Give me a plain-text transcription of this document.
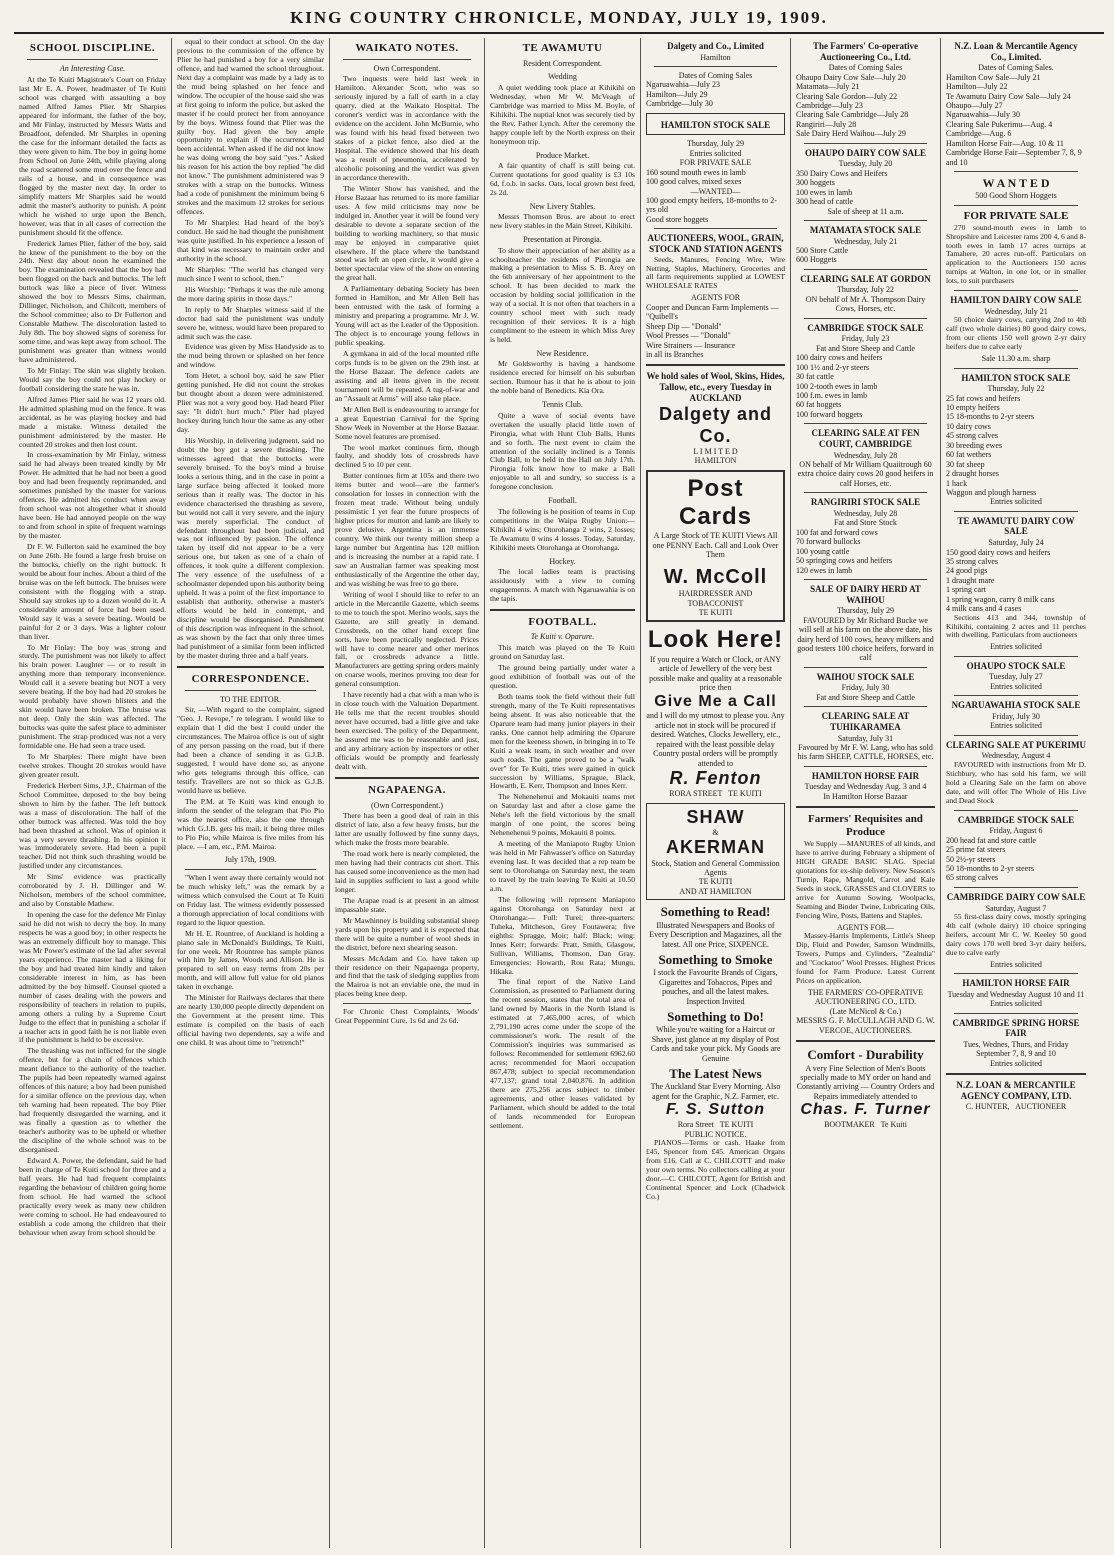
KING COUNTRY CHRONICLE, MONDAY, JULY 19, 1909.
SCHOOL DISCIPLINE.
An Interesting Case.

At the Te Kuiti Magistrate's Court on Friday last Mr E. A. Power, headmaster of Te Kuiti school was charged with assaulting a boy named Alfred James Plier. Mr Sharpies appeared for informant, the father of the boy, and Mr Finlay, instructed by Messrs Watts and Broadfoot, defended. Mr Sharples in opening the case for the informant detailed the facts as they were given to him. The boy in going home from School on June 24th, while playing along the road scattered some mud over the fence and rails of a house, and in consequence was flogged by the master next day. In order to simplify matters Mr Sharples said he would admit the master's authority to punish. A point which he wished to urge upon the Bench, however, was that in all cases of correction the punishment should fit the offence.

Frederick James Plier, father of the boy, said he knew of the punishment to the boy on the 24th. Next day about noon he examined the boy. The examination revealed that the boy had been flogged on the back and buttocks. The left buttock was like a piece of liver. Witness showed the boy to Messrs Sims, chairman, Dillinger, Nicholson, and Chilcott, members of the School committee; also to Dr Fullerton and Constable Mathew. The discoloration lasted to July 8th. The boy showed signs of soreness for some time, and was kept away from school. The punishment was greater than witness would have administered.

To Mr Finlay: The skin was slightly broken. Would say the boy could not play hockey or football considering the state he was in.

Alfred James Plier said he was 12 years old. He admitted splashing mud on the fence. It was accidental, as he was playing hockey and had made a mistake. Witness detailed the punishment administered by the master. He counted 20 strokes and then lost count.

In cross-examination by Mr Finlay, witness said he had always been treated kindly by Mr Power. He admitted that he had not been a good boy and had been frequently reprimanded, and sometimes punished by the master for various offences. He admitted his conduct when away from school was not altogether what it should have been. He had annoyed people on the way to and from school in spite of frequent warnings by the master.

Dr F. W. Fullerton said he examined the boy on June 26th. He found a large fresh bruise on the buttocks, chiefly on the right buttock. It would be about four inches. About a third of the bruise was on the left buttock. The bruises were consistent with the flogging with a strap. Should say strokes up to a dozen would do it. A considerable amount of force had been used. Would say it was a severe beating. Would be painful for 2 or 3 days. Was a lighter colour than liver.

To Mr Finlay: The boy was strong and sturdy. The punishment was not likely to affect his brain power. Laughter — or to result in anything more than temporary inconvenience. Would call it a severe beating but NOT a very severe beating. If the boy had had 20 strokes he would probably have shown blisters and the skin would have been broken. The bruise was not deep. Only the skin was affected. The buttocks was quite the safest place to administer punishment. The strap produced was not a very formidable one. He had seen a trace used.

To Mr Sharples: There might have been twelve strokes. Thought 20 strokes would have given greater result.

Frederick Herbert Sims, J.P., Chairman of the School Committee, deposed to the boy being shown to him by the father. The left buttock was a mass of discoloration. The half of the other buttock was affected. Was told the boy had been thrashed at school. Was of opinion it was a very severe thrashing. In his opinion it was immoderately severe. Had been a pupil teacher. Did not think such thrashing would be justified under any circumstances.

Mr Sims' evidence was practically corroborated by J. H. Dillinger and W. Nicholson, members of the school committee, and also by Constable Mathew.

In opening the case for the defence Mr Finlay said he did not wish to decry the boy. In many respects he was a good boy; in other respects he was an extremely difficult boy to manage. This was Mr Power's estimate of the lad after several years experience. The master had a liking for the boy and had treated him kindly and taken considerable interest in him, as has been admitted by the boy himself. Counsel quoted a number of cases dealing with the powers and responsibility of teachers in relation to pupils, among others a ruling by a Supreme Court Judge to the effect that in punishing a scholar if a teacher acts in good faith he is not liable even if the punishment is held to be excessive.

The thrashing was not inflicted for the single offence, but for a chain of offences which meant defiance to the authority of the teacher. The pupils had been repeatedly warned against offences of this nature; a boy had been punished for a similar offence on the previous day, when teh warning had been repeated. The boy Plier had frequently disregarded the warning, and it was finally a question as to whether the teacher's authority was to be upheld or whether the discipline of the whole school was to be disorganised.

Edward A. Power, the defendant, said he had been in charge of Te Kuiti school for three and a half years. He had had frequent complaints regarding the behaviour of children going home from school. He had warned the school practically every week as many new children were coming to school. He had endeavoured to establish a code among the children that their behaviour when away from school should be

equal to their conduct at school. On the day previous to the commission of the offence by Plier he had punished a boy for a very similar offence, and had warned the school throughout. Next day a complaint was made by a lady as to the mud being splashed on her fence and window. The occupier of the house said she was at first going to inform the police, but asked the master if he could protect her from annoyance by the boys. Witness found that Plier was the guilty boy. Had given the boy ample opportunity to explain if the occurrence had been accidental. When asked if he did not know he was doing wrong the boy said "yes." Asked his reason for his action the boy replied "he did not know." The punishment administered was 9 strokes with a strap on the buttocks. Witness had a code of punishment the minimum being 6 strokes and the maximum 12 strokes for serious offences.

To Mr Sharples: Had heard of the boy's conduct. He said he had thought the punishment was quite justified. In his experience a lesson of that kind was necessary to maintain order and authority in the school.

Mr Sharples: "The world has changed very much since I went to school, then."

His Worship: "Perhaps it was the rule among the more daring spirits in those days."

In reply to Mr Sharples witness said if the doctor had said the punishment was unduly severe he, witness, would have been prepared to admit such was the case.

Evidence was given by Miss Handyside as to the mud being thrown or splashed on her fence and window.

Tom Hetet, a school boy, said he saw Plier getting punished. He did not count the strokes but thought about a dozen were administered. Plier was not a very good boy. Had heard Plier say: "It didn't hurt much." Plier had played hockey during lunch hour the same as any other day.

His Worship, in delivering judgment, said no doubt the boy got a severe thrashing. The witnesses agreed that the buttocks were severely bruised. To the boy's mind a bruise looks a serious thing, and in the case in point a large surface being affected it looked more serious than it really was. The doctor in his evidence characterised the thrashing as severe, but would not call it very severe, and the injury was merely superficial. The conduct of defendant throughout had been judicial, and was not influenced by passion. The offence taken by itself did not appear to be a very serious one, but taken as one of a chain of offences, it took quite a different complexion. The very essence of the usefulness of a schoolmaster depended upon his authority being upheld. It was a point of the first importance to establish that authority, otherwise a master's efforts would be held in contempt, and discipline would be disorganised. Punishment of this description was infrequent in the school, as was shown by the fact that only three times had punishment of a similar form been inflicted by the master during three and a half years.

CORRESPONDENCE.
TO THE EDITOR.

Sir, —With regard to the complaint, signed "Geo. J. Revope," re telegram. I would like to explain that I did the best I could under the circumstances. The Mairoa office is out of sight of any person passing on the road, but if there had been a chance of sending it as G.J.B. suggested, I would have done so, as anyone who gets telegrams through this office, can testify. Travellers are not so thick as G.J.B. would have us believe.

The P.M. at Te Kuiti was kind enough to inform the sender of the telegram that Pio Pio was the nearest office, also the one through which G.J.B. gets his mail, it being three miles to Pio Pio, while Mairoa is five miles from his place. —I am, etc., P.M. Mairoa.

July 17th, 1909.

"When I went away there certainly would not be much whisky left," was the remark by a witness which convulsed the Court at Te Kuiti on Friday last. The witness evidently possessed a thorough appreciation of local conditions with regard to the liquor question.

Mr H. E. Rountree, of Auckland is holding a piano sale in McDonald's Buildings, Te Kuiti, for one week. Mr Rountree has sample pianos with him by James, Woods and Allison. He is prepared to sell on easy terms from 20s per month, and will allow full value for old pianos taken in exchange.

The Minister for Railways declares that there are nearly 130,000 people directly dependent on the Government at the present time. This estimate is compiled on the basis of each official having two dependents, say a wife and one child. It was about time to "retrench!"

WAIKATO NOTES.
Own Correspondent.

Two inquests were held last week in Hamilton. Alexander Scott, who was so seriously injured by a fall of earth in a clay quarry, died at the Waikato Hospital. The coroner's verdict was in accordance with the evidence on the accident. John McBurnie, who was found with his head fixed between two stakes of a picket fence, also died at the Hospital. The evidence showed that his death was a result of pneumonia, accelerated by alcoholic poisoning and the verdict was given in accordance therewith.

The Winter Show has vanished, and the Horse Bazaar has returned to its more familiar uses. A few mild criticisms may now be indulged in. Another year it will be found very desirable to devote a separate section of the building to working machinery, so that music may be enjoyed in comparative quiet elsewhere. If the place where the bandstand stood was left an open circle, it would give a better spectacular view of the show on entering the great hall.

A Parliamentary debating Society has been formed in Hamilton, and Mr Allen Bell has been entrusted with the task of forming a ministry and preparing a programme. Mr J. W. Young will act as the Leader of the Opposition. The object is to encourage young fellows in public speaking.

A gymkana in aid of the local mounted rifle corps funds is to be given on the 29th inst. at the Horse Bazaar. The defence cadets are assisting and all items given in the recent tournament will be repeated. A tug-of-war and an "Assault at Arms" will also take place.

Mr Allen Bell is endeavouring to arrange for a great Equestrian Carnival for the Spring Show Week in November at the Horse Bazaar. Some novel features are promised.

The wool market continues firm, though faulty, and shoddy lots of crossbreds have declined 5 to 10 per cent.

Butter continues firm at 105s and there two items butter and wool—are the farmer's consolation for losses in connection with the frozen meat trade. Without being unduly pessimistic I yet fear the future prospects of higher prices for mutton and lamb are likely to prove delusive. Argentina is an immense country. We think our twenty million sheep a large number but Argentina has 120 million and is increasing the number at a rapid rate. I saw an Australian farmer was speaking most enthusiastically of the Argentine the other day, and was wishing he was free to go there.

Writing of wool I should like to refer to an article in the Mercantile Gazette, which seems to me to touch the spot. Merino wools, says the Gazette, are still greatly in demand. Crossbreds, on the other hand except fine sorts, have been practically neglected. Prices will have to come nearer and other merinos fall, or crossbreds advance a little. Manufacturers are getting spring orders mainly on coarse wools, merinos proving too dear for general consumption.

I have recently had a chat with a man who is in close touch with the Valuation Department. He tells me that the recent troubles should never have occurred, had a little give and take been exercised. The policy of the Department, he assured me was to be reasonable and just, and any arbitrary action by inspectors or other officials would be promptly and fearlessly dealt with.

NGAPAENGA.
(Own Correspondent.)

There has been a good deal of rain in this district of late, also a few heavy frosts, but the latter are usually followed by fine sunny days, which make the frosts more bearable.

The road work here is nearly completed, the men having had their contracts cut short. This has caused some inconvenience as the men had laid in supplies sufficient to last a good while longer.

The Arapae road is at present in an almost impassable state.

Mr Mawhinney is building substantial sheep yards upon his property and it is expected that there will be quite a number of wool sheds in the district, before next shearing season.

Messrs McAdam and Co. have taken up their residence on their Ngapaenga property, and find that the task of sledging supplies from the Mairoa is not an enviable one, the mud in places being knee deep.

For Chronic Chest Complaints, Woods' Great Peppermint Cure, 1s 6d and 2s 6d.

TE AWAMUTU
Resident Correspondent.
Wedding

A quiet wedding took place at Kihikihi on Wednesday, when Mr W. McVeagh of Cambridge was married to Miss M. Boyle, of Kihikihi. The nuptial knot was securely tied by the Rev. Father Lynch. After the ceremony the happy couple left by the North express on their honeymoon trip.

Produce Market.

A fair quantity of chaff is still being cut. Current quotations for good quality is £3 10s 6d, f.o.b. in sacks. Oats, local grown best feed, 2s 2d.

New Livery Stables.

Messrs Thomson Bros. are about to erect new livery stables in the Main Street, Kihikihi.

Presentation at Pirongia.

To show their appreciation of her ability as a schoolteacher the residents of Pirongia are making a presentation to Miss S. B. Arey on the 6th anniversary of her appointment to the school. It has been decided to mark the occasion by holding social jollification in the way of a social. It is not often that teachers in a country school meet with such ready recognition of their services. It is a high compliment to the esteem in which Miss Arey is held.

New Residence.

Mr Goldsworthy is having a handsome residence erected for himself on his suburban section. Rumour has it that he is about to join the noble band of Benedicts. Kia Ora.

Tennis Club.

Quite a wave of social events have overtaken the usually placid little town of Pirongia, what with Hunt Club Balls, Hunts and so forth. The next event to claim the attention of the socially inclined is a Tennis Club Ball, to be held in the Hall on July 17th. Pirongia folk know how to make a Ball enjoyable to all and sundry, so success is a foregone conclusion.

Football.

The following is he position of teams in Cup competitions in the Waipa Rugby Union:—Kihikihi 4 wins; Otorohanga 2 wins, 2 losses; Te Awamutu 0 wins 4 losses. Today, Saturday, Kihikihi meets Otorohanga at Otorohanga.

Hockey.

The local ladies team is practising assiduously with a view to coming engagements. A match with Ngaruawahia is on the tapis.

FOOTBALL.
Te Kuiti v. Oparure.

This match was played on the Te Kuiti ground on Saturday last.

The ground being partially under water a good exhibition of football was out of the question.

Both teams took the field without their full strength, many of the Te Kuiti representatives being absent. It was also noticeable that the Oparure team had many junior players in their ranks. One cannot help admiring the Oparure men for the keeness shown, in bringing in to Te Kuiti a weak team, in such weather and over such roads. The game proved to be a "walk over" for Te Kuiti, tries were gained in quick succession by Williams, Sprague, Black, Howarth, E. Kerr, Thompson and Innes Kerr.

The Nehenehenui and Mokauiti teams met on Saturday last and after a close game the Nehe's left the field victorious by the small margin of one point, the scores being Nehenehenui 9 points, Mokauiti 8 points.

A meeting of the Maniapoto Rugby Union was held in Mr Fahwasser's office on Saturday evening last. It was decided that a rep team be sent to Otorohanga on Saturday next, the team to travel by the train leaving Te Kuiti at 10.50 a.m.

The following will represent Maniapoto against Otorohanga on Saturday next at Otorohanga:— Full: Turei; three-quarters: Tuheka, Mitcheson, Grey Foutawera; five eighths: Spragge, Moir; half: Black; wing: Innes Kerr; forwards: Pratt, Smith, Glasgow, Sullivan, Williams, Thomson, Dan Gray. Emergencies: Howarth, Rou Rata; Mungu, Hikaka.

The final report of the Native Land Commission, as presented to Parliament during the recent session, states that the total area of land owned by Maoris in the North Island is estimated at 7,465,000 acres, of which 2,791,190 acres come under the scope of the commissioner's work. The result of the Commission's inquiries was summarised as follows: Recommended for settlement 6962.60 acres; recommended for Maori occupation 867,478; subject to special recommendation 477,137; grand total 2,040,876. In addition there are 275,256 acres subject to timber agreements, and other leases validated by Parliament, which should be added to the total of lands recommended for European settlement.

Dalgety and Co., Limited
Hamilton
Dates of Coming Sales
Ngaruawahia—July 23
Hamilton—July 29
Cambridge—July 30
HAMILTON STOCK SALE
Thursday, July 29
Entries solicited
FOR PRIVATE SALE
160 sound mouth ewes in lamb
100 good calves, mixed sexes
—WANTED—
100 good empty heifers, 18-months to 2-yrs old
Good store hoggets
AUCTIONEERS, WOOL, GRAIN, STOCK AND STATION AGENTS

Seeds, Manures, Fencing Wire, Wire Netting, Staples, Machinery, Groceries and all farm requirements supplied at LOWEST WHOLESALE RATES

AGENTS FOR
Cooper and Duncan Farm Implements — "Quibell's
Sheep Dip — "Donald"
Wool Presses — "Donald"
Wire Strainers — Insurance
in all its Branches
We hold sales of Wool, Skins, Hides, Tallow, etc., every Tuesday in AUCKLAND
Dalgety and Co.
L I M I T E D
HAMILTON
Post Cards
A Large Stock of TE KUITI Views All one PENNY Each. Call and Look Over Them
W. McColl
HAIRDRESSER AND TOBACCONIST
TE KUITI
Look Here!
If you require a Watch or Clock, or ANY article of Jewellery of the very best possible make and quality at a reasonable price then
Give Me a Call
and I will do my utmost to please you. Any article not in stock will be procured if desired. Watches, Clocks Jewellery, etc., repaired with the least possible delay Country postal orders will be promptly attended to
R. Fenton
RORA STREET TE KUITI
SHAW
&
AKERMAN
Stock, Station and General Commission Agents
TE KUITI
AND AT HAMILTON
Something to Read!
Illustrated Newspapers and Books of Every Description and Magazines, all the latest. All one Price, SIXPENCE.
Something to Smoke
I stock the Favourite Brands of Cigars, Cigarettes and Tobaccos, Pipes and pouches, and all the latest makes. Inspection Invited
Something to Do!
While you're waiting for a Haircut or Shave, just glance at my display of Post Cards and take your pick. My Goods are Genuine
The Latest News
The Auckland Star Every Morning. Also agent for the Graphic, N.Z. Farmer, etc.
F. S. Sutton
Rora Street TE KUITI
PUBLIC NOTICE.

PIANOS—Terms or cash. Haake from £45, Spencer from £45. American Organs from £16. Call at C. CHILCOTT and make your own terms. No collectors calling at your door.—C. CHILCOTT, Agent for British and Continental Spencer and Lock (Chadwick Co.)

The Farmers' Co-operative Auctioneering Co., Ltd.
Dates of Coming Sales
Ohaupo Dairy Cow Sale—July 20
Matamata—July 21
Clearing Sale Gordon—July 22
Cambridge—July 23
Clearing Sale Cambridge—July 28
Rangiriri—July 28
Sale Dairy Herd Waihou—July 29
OHAUPO DAIRY COW SALE
Tuesday, July 20
350 Dairy Cows and Heifers
300 hoggets
100 ewes in lamb
300 head of cattle
Sale of sheep at 11 a.m.
MATAMATA STOCK SALE
Wednesday, July 21
500 Store Cattle
600 Hoggets
CLEARING SALE AT GORDON
Thursday, July 22
ON behalf of Mr A. Thompson Dairy Cows, Horses, etc.
CAMBRIDGE STOCK SALE
Friday, July 23
Fat and Store Sheep and Cattle
100 dairy cows and heifers
100 1½ and 2-yr steers
30 fat cattle
100 2-tooth ewes in lamb
100 f.m. ewes in lamb
60 fat hoggets
100 forward hoggets
CLEARING SALE AT FEN COURT, CAMBRIDGE
Wednesday, July 28
ON behalf of Mr William Quaiitrough 60 extra choice dairy cows 20 good heifers in calf Horses, etc.
RANGIRIRI STOCK SALE
Wednesday, July 28
Fat and Store Stock
100 fat and forward cows
70 forward bullocks
100 young cattle
50 springing cows and heifers
120 ewes in lamb
SALE OF DAIRY HERD AT WAIHOU
Thursday, July 29
FAVOURED by Mr Richard Bucke we will sell at his farm on the above date, his dairy herd of 100 cows, heavy milkers and good testers 100 choice heifers, forward in calf
WAIHOU STOCK SALE
Friday, July 30
Fat and Store Sheep and Cattle
CLEARING SALE AT TUHIKARAMEA
Saturday, July 31
Favoured by Mr F. W. Lang, who has sold his farm SHEEP, CATTLE, HORSES, etc.
HAMILTON HORSE FAIR
Tuesday and Wednesday Aug. 3 and 4
In Hamilton Horse Bazaar
Farmers' Requisites and Produce

We Supply —MANURES of all kinds, and have to arrive during February a shipment of HIGH GRADE BASIC SLAG. Special quotations for ex-ship delivery. New Season's Turnip, Rape, Mangold, Carrot and Kale Seeds in stock, GRASSES and CLOVERS to arrive for Autumn Sowing. Woolpacks, Seaming and Binder Twine, Lubricating Oils, Fencing Wire, Posts, Battens and Staples.

AGENTS FOR—

Massey-Harris Implements, Little's Sheep Dip, Fluid and Powder, Samson Windmills, Towers, Pumps and Cylinders, "Zealndia" and "Cockatoo" Wool Presses. Highest Prices found for Farm Produce. Latest Current Prices on application.

THE FARMERS' CO-OPERATIVE AUCTIONEERING CO., LTD.
(Late McNicol & Co.)
MESSRS G. F. McCULLAGH AND G. W. VERCOE, AUCTIONEERS.
Comfort - Durability
A very Fine Selection of Men's Boots specially made to MY order on hand and Constantly arriving — Country Orders and Repairs immediately attended to
Chas. F. Turner
BOOTMAKER Te Kuiti
N.Z. Loan & Mercantile Agency Co., Limited.
Dates of Coming Sales.
Hamilton Cow Sale—July 21
Hamilton—July 22
Te Awamutu Dairy Cow Sale—July 24
Ohaupo—July 27
Ngaruawahia—July 30
Clearing Sale Pukerimu—Aug. 4
Cambridge—Aug. 6
Hamilton Horse Fair—Aug. 10 & 11
Cambridge Horse Fair—September 7, 8, 9 and 10
W A N T E D
500 Good Shorn Hoggets
FOR PRIVATE SALE

270 sound-mouth ewes in lamb to Shropshire and Leicester rams 200 4, 6 and 8-tooth ewes in lamb 17 acres turnips at Tamahere, 20 acres run-off. Particulars on application to the Auctioneers 150 acres turnips at Walton, in one lot, or in smaller lots, to suit purchasers

HAMILTON DAIRY COW SALE
Wednesday, July 21

50 choice dairy cows, carrying 2nd to 4th calf (two whole dairies) 80 good dairy cows, from our clients 150 well grown 2-yr dairy heifers due to calve early

Sale 11.30 a.m. sharp
HAMILTON STOCK SALE
Thursday, July 22
25 fat cows and heifers
10 empty heifers
15 18-months to 2-yr steers
10 dairy cows
45 strong calves
30 breeding ewes
60 fat wethers
30 fat sheep
2 draught horses
1 hack
Waggon and plough harness
Entries solicited
TE AWAMUTU DAIRY COW SALE
Saturday, July 24
150 good dairy cows and heifers
35 strong calves
24 good pigs
1 draught mare
1 spring cart
1 spring wagon, carry 8 milk cans
4 milk cans and 4 cases

Sections 413 and 344, township of Kihikihi, containing 2 acres and 11 perches with dwelling. Particulars from auctioneers

Entries solicited
OHAUPO STOCK SALE
Tuesday, July 27
Entries solicited
NGARUAWAHIA STOCK SALE
Friday, July 30
Entries solicited
CLEARING SALE AT PUKERIMU
Wednesday, August 4

FAVOURED with instructions from Mr D. Stichbury, who has sold his farm, we will hold a Clearing Sale on the farm on above date, and will offer The Whole of His Live and Dead Stock

CAMBRIDGE STOCK SALE
Friday, August 6
200 head fat and store cattle
25 prime fat steers
50 2½-yr steers
50 18-months to 2-yr steers
65 strong calves
CAMBRIDGE DAIRY COW SALE
Saturday, August 7

55 first-class dairy cows, mostly springing 4th calf (whole dairy) 10 choice springing heifers, account Mr C. W. Keeley 50 good dairy cows 170 well bred 3-yr dairy heifers, due to calve early

Entries solicited
HAMILTON HORSE FAIR
Tuesday and Wednesday August 10 and 11
Entries solicited
CAMBRIDGE SPRING HORSE FAIR
Tues, Wednes, Thurs, and Friday September 7, 8, 9 and 10
Entries solicited
N.Z. LOAN & MERCANTILE AGENCY COMPANY, LTD.
C. HUNTER, AUCTIONEER
